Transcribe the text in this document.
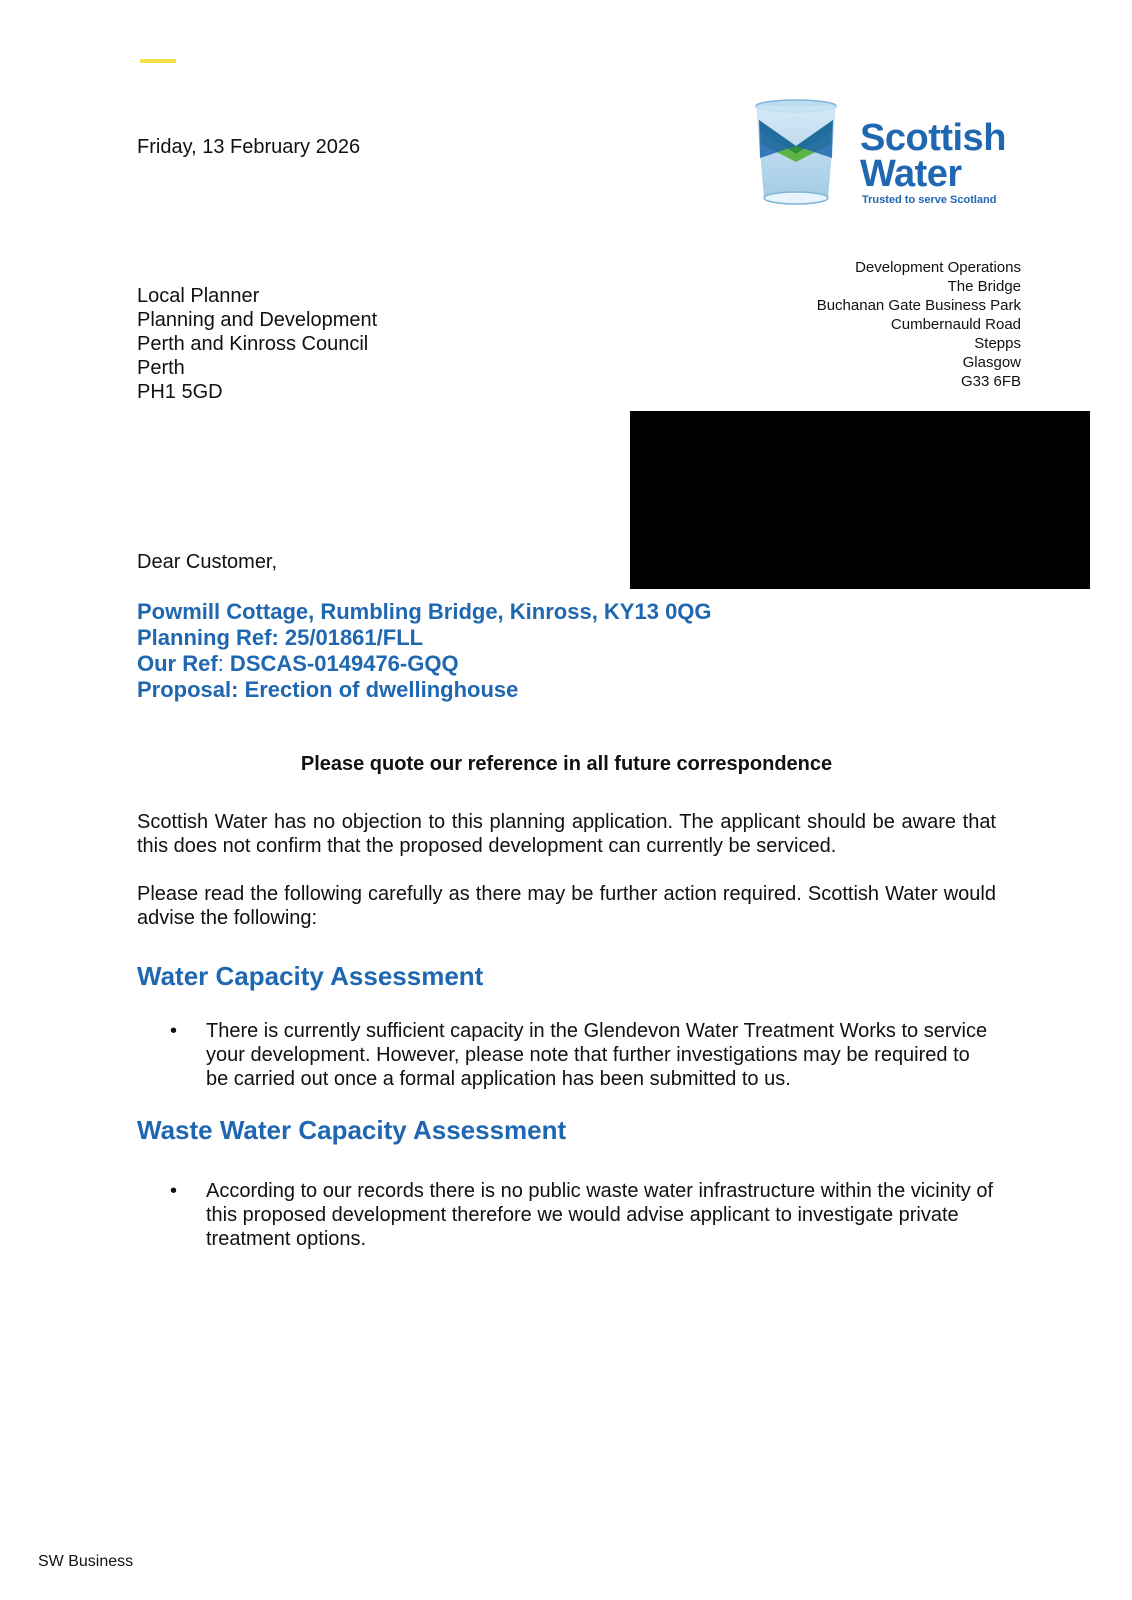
Friday, 13 February 2026	Scottish
Water
Trusted to serve Scotland
Development Operations
The Bridge
Buchanan Gate Business Park
Cumbernauld Road
Stepps
Glasgow
G33 6FB
Local Planner
Planning and Development
Perth and Kinross Council
Perth
PH1 5GD
Dear Customer,
Powmill Cottage, Rumbling Bridge, Kinross, KY13 0QG
Planning Ref: 25/01861/FLL
Our Ref: DSCAS-0149476-GQQ
Proposal: Erection of dwellinghouse
Please quote our reference in all future correspondence
Scottish Water has no objection to this planning application. The applicant should be aware that this does not confirm that the proposed development can currently be serviced.
Please read the following carefully as there may be further action required. Scottish Water would advise the following:
Water Capacity Assessment
• There is currently sufficient capacity in the Glendevon Water Treatment Works to service your development. However, please note that further investigations may be required to be carried out once a formal application has been submitted to us.
Waste Water Capacity Assessment
• According to our records there is no public waste water infrastructure within the vicinity of this proposed development therefore we would advise applicant to investigate private treatment options.
SW Business
